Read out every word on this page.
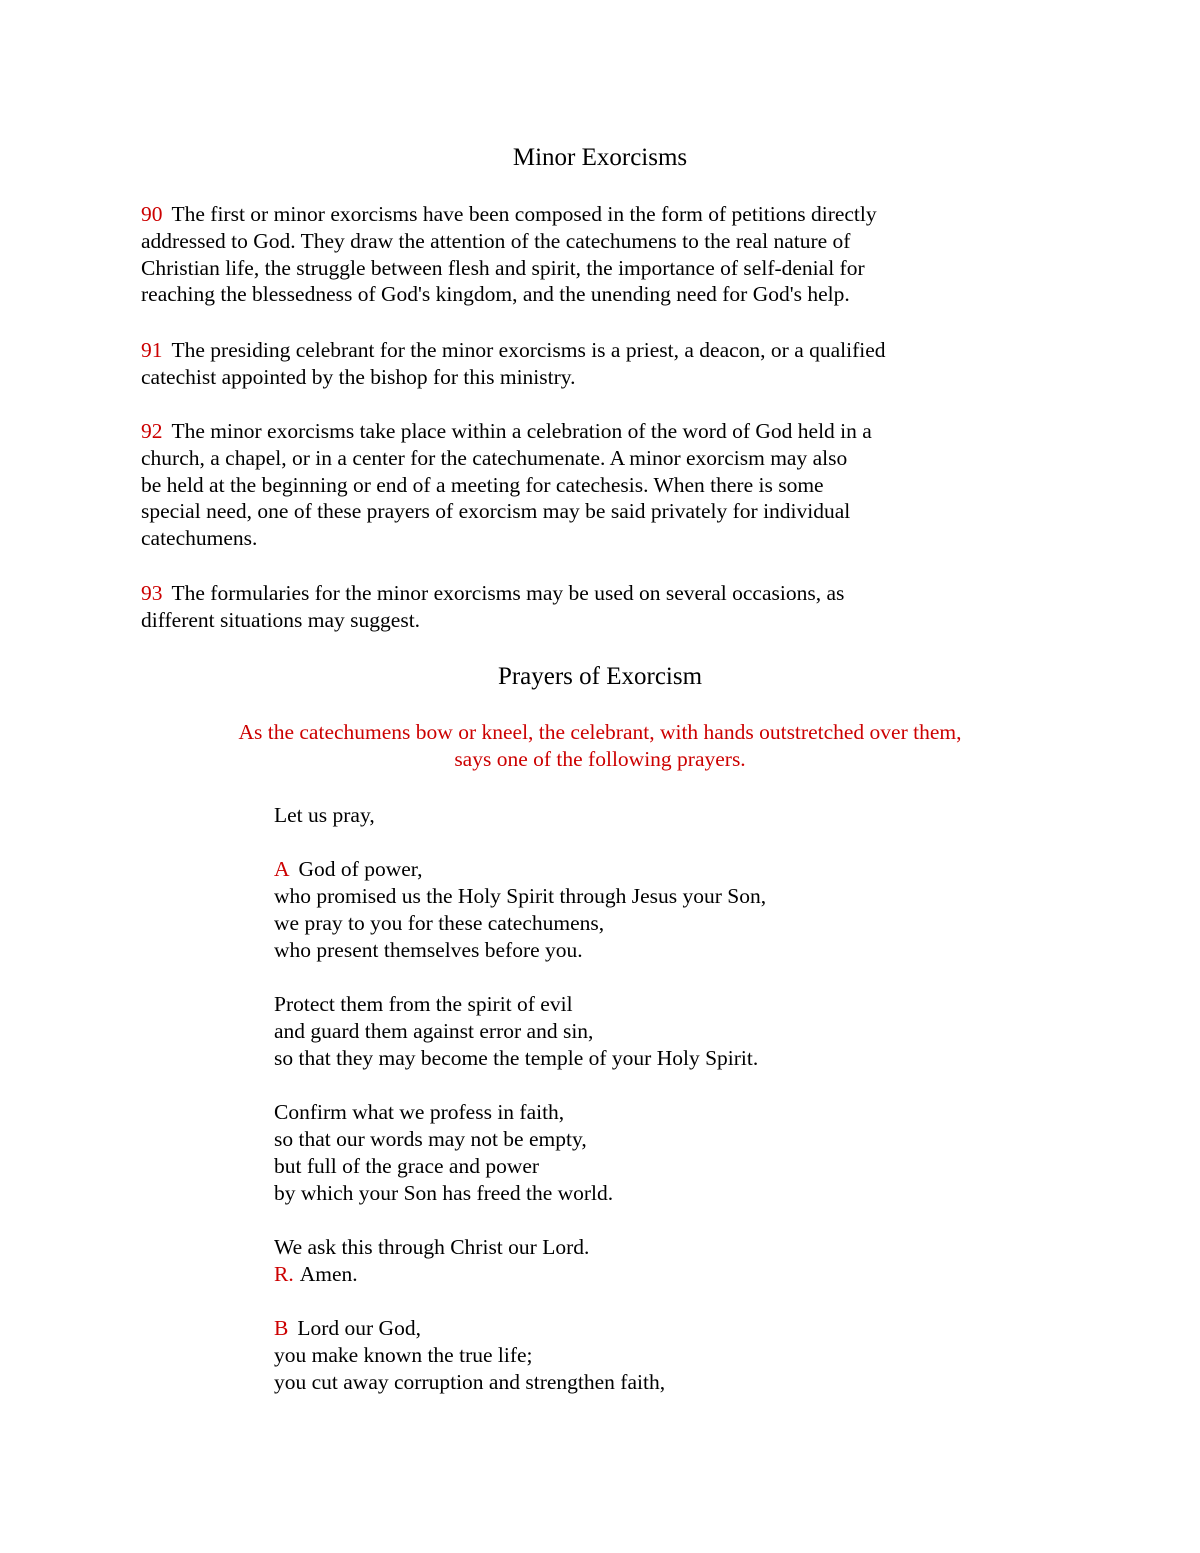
Minor Exorcisms
90 The first or minor exorcisms have been composed in the form of petitions directly
addressed to God. They draw the attention of the catechumens to the real nature of
Christian life, the struggle between flesh and spirit, the importance of self-denial for
reaching the blessedness of God's kingdom, and the unending need for God's help.
91 The presiding celebrant for the minor exorcisms is a priest, a deacon, or a qualified
catechist appointed by the bishop for this ministry.
92 The minor exorcisms take place within a celebration of the word of God held in a
church, a chapel, or in a center for the catechumenate. A minor exorcism may also
be held at the beginning or end of a meeting for catechesis. When there is some
special need, one of these prayers of exorcism may be said privately for individual
catechumens.
93 The formularies for the minor exorcisms may be used on several occasions, as
different situations may suggest.
Prayers of Exorcism
As the catechumens bow or kneel, the celebrant, with hands outstretched over them,
says one of the following prayers.
Let us pray,
A God of power,
who promised us the Holy Spirit through Jesus your Son,
we pray to you for these catechumens,
who present themselves before you.
Protect them from the spirit of evil
and guard them against error and sin,
so that they may become the temple of your Holy Spirit.
Confirm what we profess in faith,
so that our words may not be empty,
but full of the grace and power
by which your Son has freed the world.
We ask this through Christ our Lord.
R. Amen.
B Lord our God,
you make known the true life;
you cut away corruption and strengthen faith,
